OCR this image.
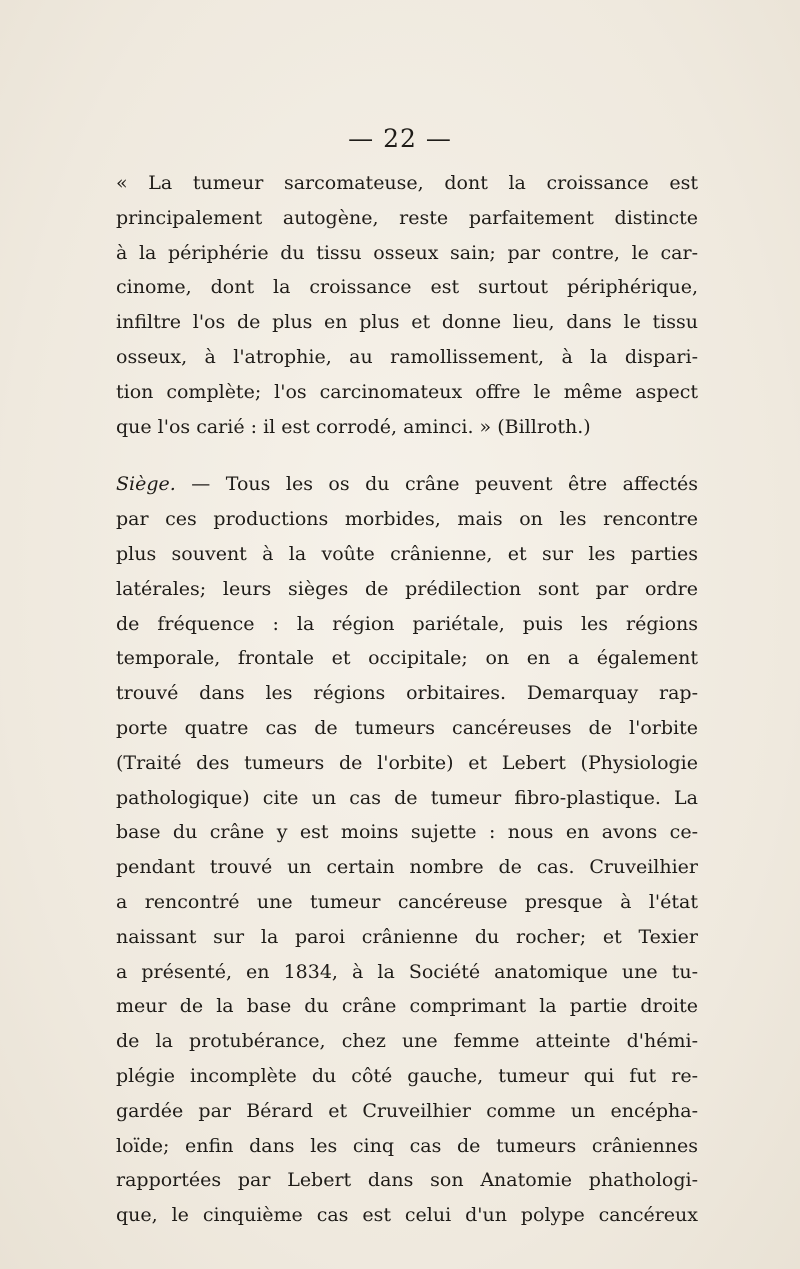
— 22 —
« La tumeur sarcomateuse, dont la croissance est
principalement autogène, reste parfaitement distincte
à la périphérie du tissu osseux sain; par contre, le car-
cinome, dont la croissance est surtout périphérique,
infiltre l'os de plus en plus et donne lieu, dans le tissu
osseux, à l'atrophie, au ramollissement, à la dispari-
tion complète; l'os carcinomateux offre le même aspect
que l'os carié : il est corrodé, aminci. » (Billroth.)
Siège. — Tous les os du crâne peuvent être affectés
par ces productions morbides, mais on les rencontre
plus souvent à la voûte crânienne, et sur les parties
latérales; leurs sièges de prédilection sont par ordre
de fréquence : la région pariétale, puis les régions
temporale, frontale et occipitale; on en a également
trouvé dans les régions orbitaires. Demarquay rap-
porte quatre cas de tumeurs cancéreuses de l'orbite
(Traité des tumeurs de l'orbite) et Lebert (Physiologie
pathologique) cite un cas de tumeur fibro-plastique. La
base du crâne y est moins sujette : nous en avons ce-
pendant trouvé un certain nombre de cas. Cruveilhier
a rencontré une tumeur cancéreuse presque à l'état
naissant sur la paroi crânienne du rocher; et Texier
a présenté, en 1834, à la Société anatomique une tu-
meur de la base du crâne comprimant la partie droite
de la protubérance, chez une femme atteinte d'hémi-
plégie incomplète du côté gauche, tumeur qui fut re-
gardée par Bérard et Cruveilhier comme un encépha-
loïde; enfin dans les cinq cas de tumeurs crâniennes
rapportées par Lebert dans son Anatomie phathologi-
que, le cinquième cas est celui d'un polype cancéreux
